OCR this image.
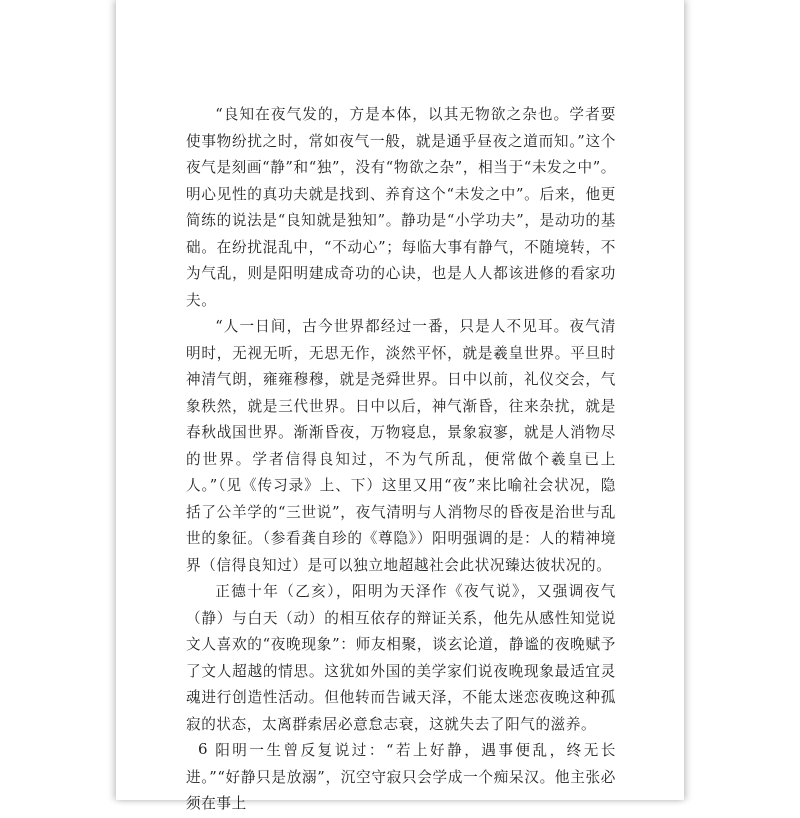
“良知在夜气发的，方是本体，以其无物欲之杂也。学者要使事物纷扰之时，常如夜气一般，就是通乎昼夜之道而知。”这个夜气是刻画“静”和“独”，没有“物欲之杂”，相当于“未发之中”。明心见性的真功夫就是找到、养育这个“未发之中”。后来，他更简练的说法是“良知就是独知”。静功是“小学功夫”，是动功的基础。在纷扰混乱中，“不动心”；每临大事有静气，不随境转，不为气乱，则是阳明建成奇功的心诀，也是人人都该进修的看家功夫。

“人一日间，古今世界都经过一番，只是人不见耳。夜气清明时，无视无听，无思无作，淡然平怀，就是羲皇世界。平旦时神清气朗，雍雍穆穆，就是尧舜世界。日中以前，礼仪交会，气象秩然，就是三代世界。日中以后，神气渐昏，往来杂扰，就是春秋战国世界。渐渐昏夜，万物寝息，景象寂寥，就是人消物尽的世界。学者信得良知过，不为气所乱，便常做个羲皇已上人。”（见《传习录》上、下）这里又用“夜”来比喻社会状况，隐括了公羊学的“三世说”，夜气清明与人消物尽的昏夜是治世与乱世的象征。（参看龚自珍的《尊隐》）阳明强调的是：人的精神境界（信得良知过）是可以独立地超越社会此状况臻达彼状况的。

正德十年（乙亥），阳明为天泽作《夜气说》，又强调夜气（静）与白天（动）的相互依存的辩证关系，他先从感性知觉说文人喜欢的“夜晚现象”：师友相聚，谈玄论道，静谧的夜晚赋予了文人超越的情思。这犹如外国的美学家们说夜晚现象最适宜灵魂进行创造性活动。但他转而告诫天泽，不能太迷恋夜晚这种孤寂的状态，太离群索居必意怠志衰，这就失去了阳气的滋养。

阳明一生曾反复说过：“若上好静，遇事便乱，终无长进。”“好静只是放溺”，沉空守寂只会学成一个痴呆汉。他主张必须在事上

6
